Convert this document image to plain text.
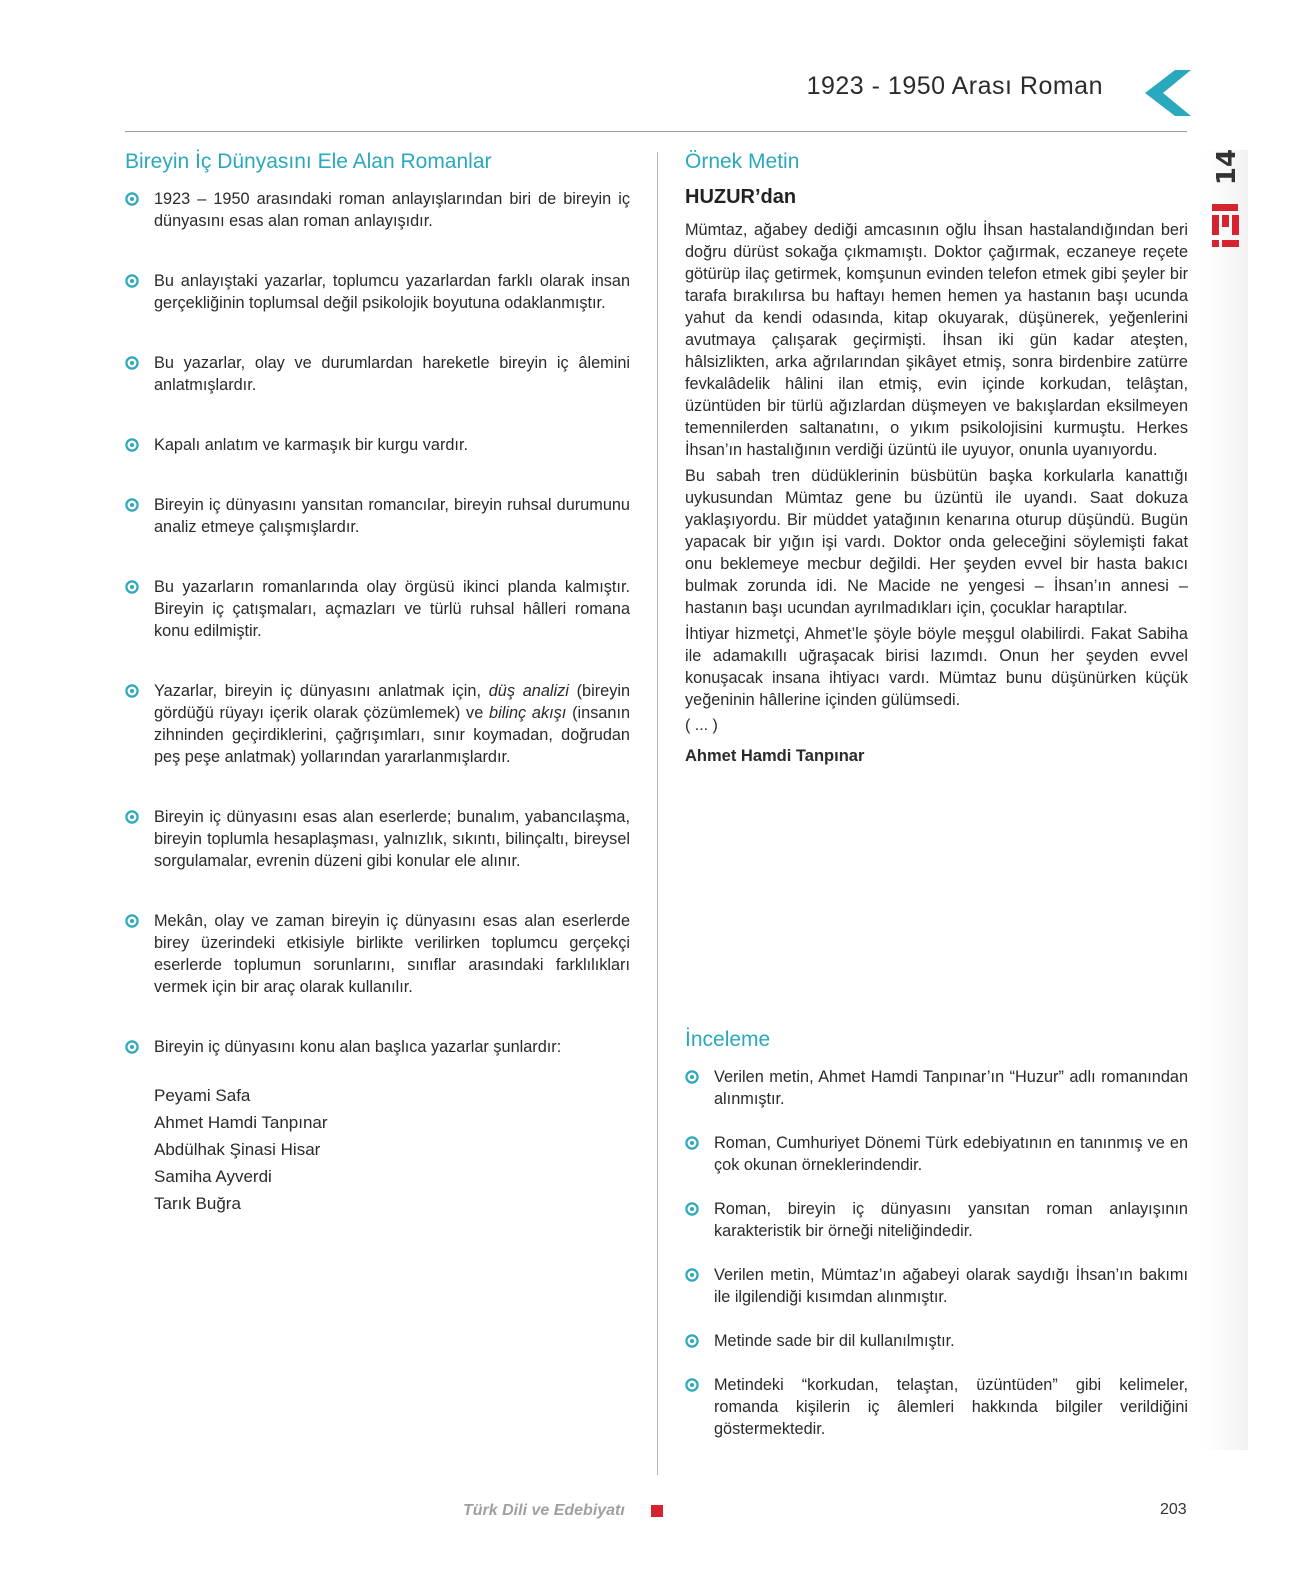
1923 - 1950 Arası Roman
14
Bireyin İç Dünyasını Ele Alan Romanlar
1923 – 1950 arasındaki roman anlayışlarından biri de bireyin iç dünyasını esas alan roman anlayışıdır.
Bu anlayıştaki yazarlar, toplumcu yazarlardan farklı olarak insan gerçekliğinin toplumsal değil psikolojik boyutuna odaklanmıştır.
Bu yazarlar, olay ve durumlardan hareketle bireyin iç âlemini anlatmışlardır.
Kapalı anlatım ve karmaşık bir kurgu vardır.
Bireyin iç dünyasını yansıtan romancılar, bireyin ruhsal durumunu analiz etmeye çalışmışlardır.
Bu yazarların romanlarında olay örgüsü ikinci planda kalmıştır. Bireyin iç çatışmaları, açmazları ve türlü ruhsal hâlleri romana konu edilmiştir.
Yazarlar, bireyin iç dünyasını anlatmak için, düş analizi (bireyin gördüğü rüyayı içerik olarak çözümlemek) ve bilinç akışı (insanın zihninden geçirdiklerini, çağrışımları, sınır koymadan, doğrudan peş peşe anlatmak) yollarından yararlanmışlardır.
Bireyin iç dünyasını esas alan eserlerde; bunalım, yabancılaşma, bireyin toplumla hesaplaşması, yalnızlık, sıkıntı, bilinçaltı, bireysel sorgulamalar, evrenin düzeni gibi konular ele alınır.
Mekân, olay ve zaman bireyin iç dünyasını esas alan eserlerde birey üzerindeki etkisiyle birlikte verilirken toplumcu gerçekçi eserlerde toplumun sorunlarını, sınıflar arasındaki farklılıkları vermek için bir araç olarak kullanılır.
Bireyin iç dünyasını konu alan başlıca yazarlar şunlardır:
Peyami Safa
Ahmet Hamdi Tanpınar
Abdülhak Şinasi Hisar
Samiha Ayverdi
Tarık Buğra
Örnek Metin
HUZUR’dan

Mümtaz, ağabey dediği amcasının oğlu İhsan hastalandığından beri doğru dürüst sokağa çıkmamıştı. Doktor çağırmak, eczaneye reçete götürüp ilaç getirmek, komşunun evinden telefon etmek gibi şeyler bir tarafa bırakılırsa bu haftayı hemen hemen ya hastanın başı ucunda yahut da kendi odasında, kitap okuyarak, düşünerek, yeğenlerini avutmaya çalışarak geçirmişti. İhsan iki gün kadar ateşten, hâlsizlikten, arka ağrılarından şikâyet etmiş, sonra birdenbire zatürre fevkalâdelik hâlini ilan etmiş, evin içinde korkudan, telâştan, üzüntüden bir türlü ağızlardan düşmeyen ve bakışlardan eksilmeyen temennilerden saltanatını, o yıkım psikolojisini kurmuştu. Herkes İhsan’ın hastalığının verdiği üzüntü ile uyuyor, onunla uyanıyordu.

Bu sabah tren düdüklerinin büsbütün başka korkularla kanattığı uykusundan Mümtaz gene bu üzüntü ile uyandı. Saat dokuza yaklaşıyordu. Bir müddet yatağının kenarına oturup düşündü. Bugün yapacak bir yığın işi vardı. Doktor onda geleceğini söylemişti fakat onu beklemeye mecbur değildi. Her şeyden evvel bir hasta bakıcı bulmak zorunda idi. Ne Macide ne yengesi – İhsan’ın annesi – hastanın başı ucundan ayrılmadıkları için, çocuklar haraptılar.

İhtiyar hizmetçi, Ahmet’le şöyle böyle meşgul olabilirdi. Fakat Sabiha ile adamakıllı uğraşacak birisi lazımdı. Onun her şeyden evvel konuşacak insana ihtiyacı vardı. Mümtaz bunu düşünürken küçük yeğeninin hâllerine içinden gülümsedi.

( ... )
Ahmet Hamdi Tanpınar
İnceleme
Verilen metin, Ahmet Hamdi Tanpınar’ın “Huzur” adlı romanından alınmıştır.
Roman, Cumhuriyet Dönemi Türk edebiyatının en tanınmış ve en çok okunan örneklerindendir.
Roman, bireyin iç dünyasını yansıtan roman anlayışının karakteristik bir örneği niteliğindedir.
Verilen metin, Mümtaz’ın ağabeyi olarak saydığı İhsan’ın bakımı ile ilgilendiği kısımdan alınmıştır.
Metinde sade bir dil kullanılmıştır.
Metindeki “korkudan, telaştan, üzüntüden” gibi kelimeler, romanda kişilerin iç âlemleri hakkında bilgiler verildiğini göstermektedir.
Türk Dili ve Edebiyatı	203
